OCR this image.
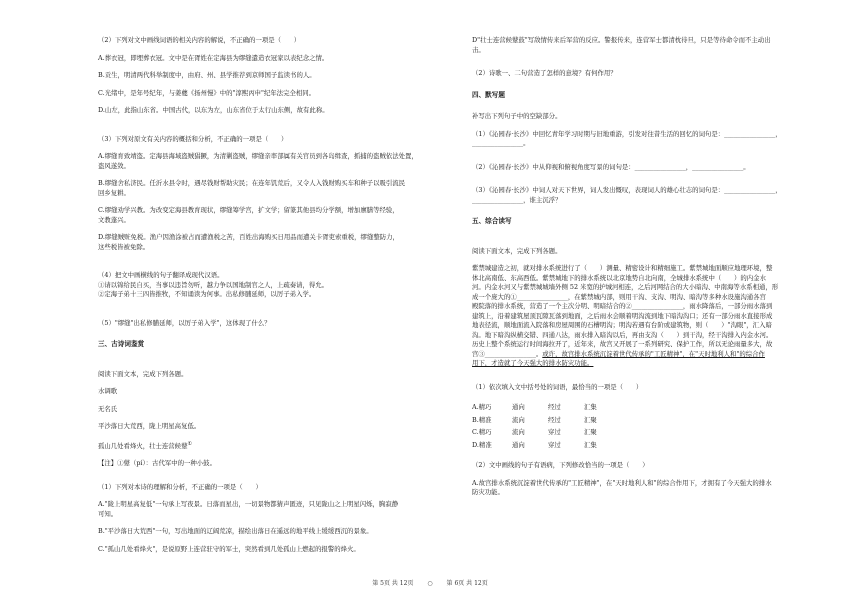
（2）下列对文中画线词语的相关内容的解说，不正确的一项是（　　）
A.葬衣冠，即埋葬衣冠。文中是在胥姓在定海县为缪缝遣造衣冠家以表纪念之情。
B.贡生，明清两代科举制度中，由府、州、县学推荐到京师国子监读书的人。
C.光绪中，是年号纪年，与姜夔《扬州慢》中的"淳熙丙申"纪年法完全相同。
D.山左，此指山东省。中国古代，以东为左，山东省位于太行山东侧，故有此称。
（3）下列对原文有关内容的概括和分析，不正确的一项是（　　）
A.缪缝育致靖盗。定海县海域盗贼猖獗，为清剿盗贼，缪缝亲率部属有关官员到各岛缉查，抓捕的盗贼依法处置，
盗风遂敛。
B.缪缝舍私济民。任沂水县令时，遇尽钱财帮助灾民；在连年饥荒后，又令人入钱财购买车和种子以吸引流民
回乡复耕。
C.缪缝劝学兴教。为改变定海县教育现状，缪缝筹学宫，扩文学；留篆其他县均分学额，增加廪膳等经验，
文教蓬兴。
D.缪缝贼赃免税。渔户因渔涂被占而遭渔税之苦，百姓出海购买日用品而遭关卡胥吏索重税，缪缝整防力，
这些税皆被免除。
（4）把文中画横线的句子翻译成现代汉语。
①请以锦给民自买，当事以违旨勿听，越力争以国地制官之人，上疏奏请，得允。
②定海子弟十三四皆推牧，不知诵读为何事。出私修脯延师，以厉子弟入学。
（5）"缪缝"出私修脯延师，以厉子弟入学"，这体现了什么？
三、古诗词鉴赏
阅读下面文本，完成下列各题。
水调歌
无名氏
平沙落日大荒西，陇上明星高复低。
孤山几处看烽火，壮士连营候鼙①
【注】①鼙（pí）：古代军中的一种小鼓。
（1）下列对本诗的理解和分析，不正确的一项是（　　）
A."陇上明星高复低"一句承上写夜景。日落而星出，一切景物都猜声匿迹，只见陇山之上明星闪烁，胸寂静
可知。
B."平沙落日大荒西"一句，写出地面的辽阔荒凉，描绘出落日在遥远的地平线上缓缓西沉的景象。
C."孤山几处看烽火"，是说原野上连营驻守的军士，突然看到几处孤山上燃起的报警的烽火。
D"壮士连营候鼙鼓"写敌情传来后军营的反应。警报传来，连营军士都清枕待旦，只是等待命令而不主动出
击。
（2）诗歌一、二句营造了怎样的意境？有何作用？
四、默写题
补写出下列句子中的空缺部分。
（1）《沁园春·长沙》中回忆青年学习时期与旧地重游，引发对往昔生活的回忆的词句是：________________，
________________。
（2）《沁园春·长沙》中从仰视和俯视角度写景的词句是：________________，________________。
（3）《沁园春·长沙》中词人对天下世界，词人发出慨叹，表现词人的雄心壮志的词句是：________________，
________________，谁主沉浮？
五、综合读写
阅读下面文本，完成下列各题。
紫禁城建造之初，就对排水系统进行了（　　）测量、精密设计和精细施工。紫禁城地面顺应地理环境，整
体北高南低、东高西低。紫禁城地下的排水系统以北京地势自北向南，全城排水系统中（　　）的内金水
河。内金水河又与紫禁城城墙外侧 52 米宽的护城河相连，之后河网结合的大小暗沟、中南海等水系相通，形
成一个庞大的①________________，在紫禁城内部，则用干沟、支沟、明沟、暗沟等多种水设施沟通各宫
殿院落的排水系统，营造了一个主次分明、明暗结合的②________________，雨水降落后，一部分雨水落到
建筑上，沿着建筑屋顶瓦隙瓦落到地面，之后雨水会顺着明沟流到地下暗沟沟口；还有一部分雨水直接形成
地表径流，顺地面流入院落和房屋周围的石槽明沟；明沟若遇有台阶或建筑物，则（　　）"沟眼"，汇入暗
沟。地下暗沟纵横交错、四通八达，雨水排入暗沟以后，再由支沟（　　）到干沟，经干沟排入内金水河。
历史上整个系统运行时间海拉开了，近年来，故宫又开展了一系列研究、保护工作，所以无论雨量多大，故
宫③________________。或许，故宫排水系统沉淀着世代传承的"工匠精神"，在"天时地利人和"的综合作
用下，才造就了今天强大的排水防灾功能。
（1）依次填入文中括号处的词语，最恰当的一项是（　　）
A.精巧	通向	经过	汇集
B.精准	流向	经过	汇聚
C.精巧	流向	穿过	汇聚
D.精准	通向	穿过	汇集
（2）文中画线的句子有语病，下列修改恰当的一项是（　　）
A.故宫排水系统沉淀着世代传承的"工匠精神"，在"天时地利人和"的综合作用下，才拥有了今天强大的排水
防灾功能。
第 5页 共 12页 ○ 第 6页 共 12页
